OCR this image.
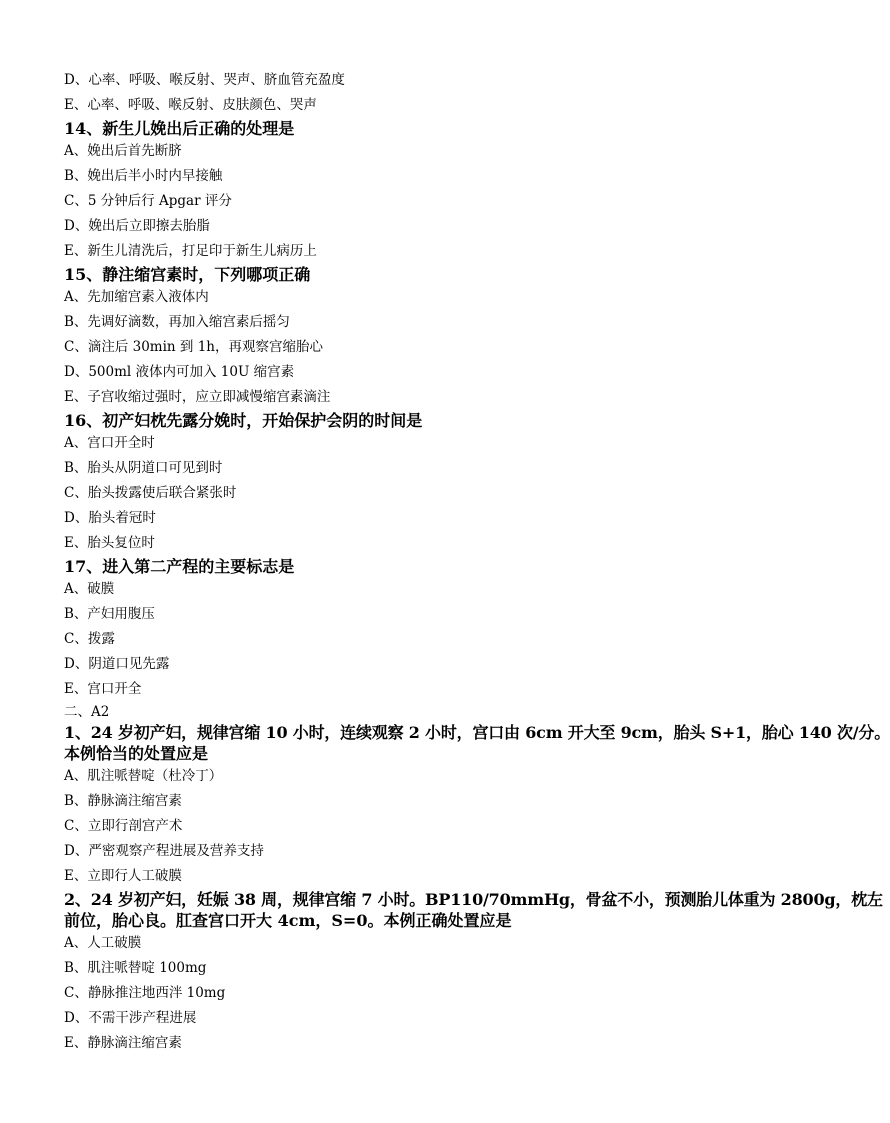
D、心率、呼吸、喉反射、哭声、脐血管充盈度
E、心率、呼吸、喉反射、皮肤颜色、哭声
14、新生儿娩出后正确的处理是
A、娩出后首先断脐
B、娩出后半小时内早接触
C、5 分钟后行 Apgar 评分
D、娩出后立即擦去胎脂
E、新生儿清洗后，打足印于新生儿病历上
15、静注缩宫素时，下列哪项正确
A、先加缩宫素入液体内
B、先调好滴数，再加入缩宫素后摇匀
C、滴注后 30min 到 1h，再观察宫缩胎心
D、500ml 液体内可加入 10U 缩宫素
E、子宫收缩过强时，应立即减慢缩宫素滴注
16、初产妇枕先露分娩时，开始保护会阴的时间是
A、宫口开全时
B、胎头从阴道口可见到时
C、胎头拨露使后联合紧张时
D、胎头着冠时
E、胎头复位时
17、进入第二产程的主要标志是
A、破膜
B、产妇用腹压
C、拨露
D、阴道口见先露
E、宫口开全
二、A2
1、24 岁初产妇，规律宫缩 10 小时，连续观察 2 小时，宫口由 6cm 开大至 9cm，胎头 S+1，胎心 140 次/分。
本例恰当的处置应是
A、肌注哌替啶（杜冷丁）
B、静脉滴注缩宫素
C、立即行剖宫产术
D、严密观察产程进展及营养支持
E、立即行人工破膜
2、24 岁初产妇，妊娠 38 周，规律宫缩 7 小时。BP110/70mmHg，骨盆不小，预测胎儿体重为 2800g，枕左
前位，胎心良。肛查宫口开大 4cm，S=0。本例正确处置应是
A、人工破膜
B、肌注哌替啶 100mg
C、静脉推注地西泮 10mg
D、不需干涉产程进展
E、静脉滴注缩宫素
